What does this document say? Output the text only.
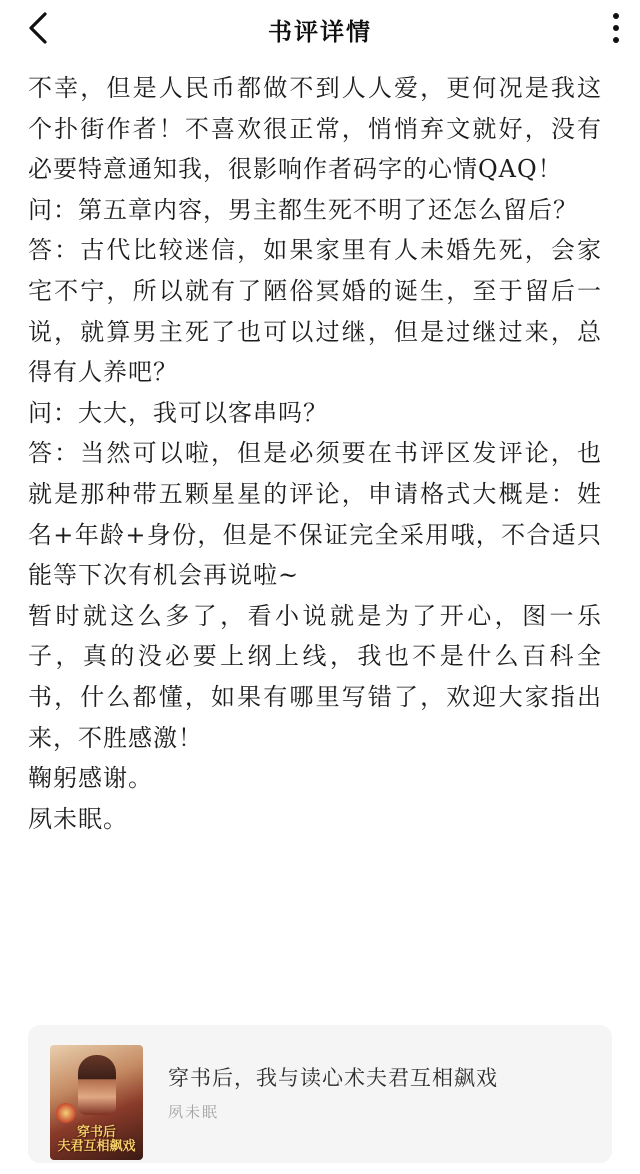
书评详情

不幸，但是人民币都做不到人人爱，更何况是我这个扑街作者！不喜欢很正常，悄悄弃文就好，没有必要特意通知我，很影响作者码字的心情QAQ！

问：第五章内容，男主都生死不明了还怎么留后？

答：古代比较迷信，如果家里有人未婚先死，会家宅不宁，所以就有了陋俗冥婚的诞生，至于留后一说，就算男主死了也可以过继，但是过继过来，总得有人养吧？

问：大大，我可以客串吗？

答：当然可以啦，但是必须要在书评区发评论，也就是那种带五颗星星的评论，申请格式大概是：姓名+年龄+身份，但是不保证完全采用哦，不合适只能等下次有机会再说啦~

暂时就这么多了，看小说就是为了开心，图一乐子，真的没必要上纲上线，我也不是什么百科全书，什么都懂，如果有哪里写错了，欢迎大家指出来，不胜感激！

鞠躬感谢。

夙未眠。

穿书后
夫君互相飙戏
穿书后，我与读心术夫君互相飙戏
夙未眠
